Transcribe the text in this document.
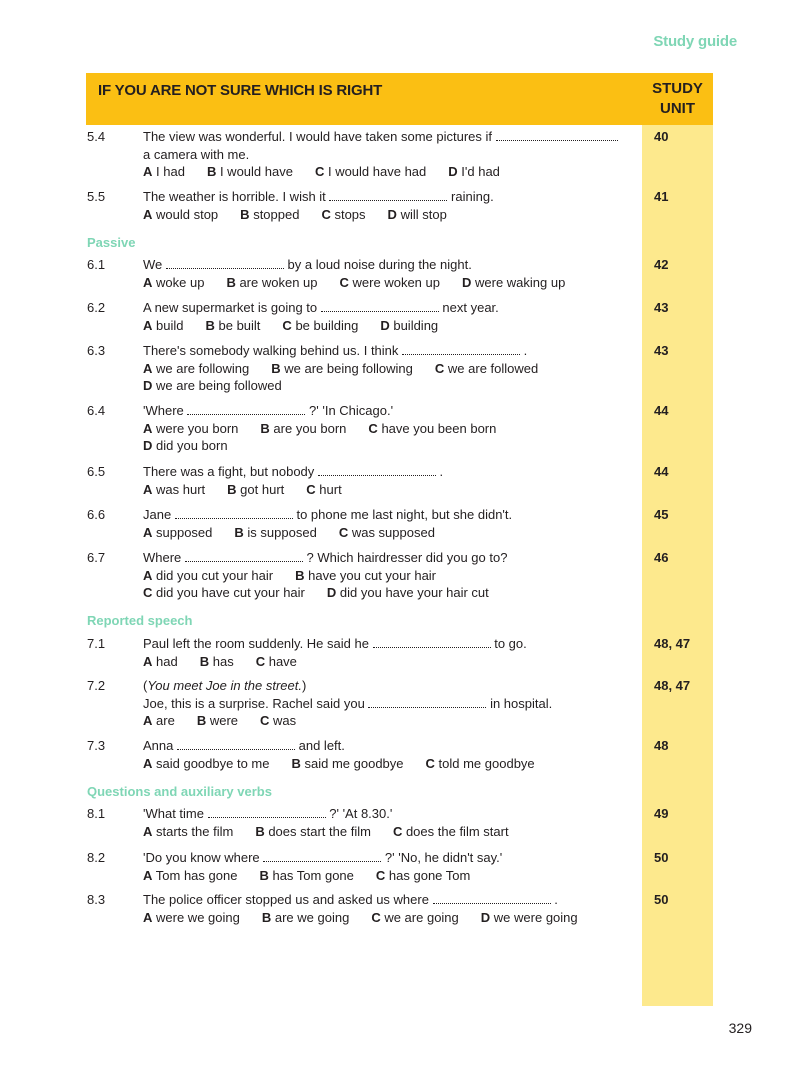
Study guide
IF YOU ARE NOT SURE WHICH IS RIGHT	STUDY
UNIT
5.4	The view was wonderful. I would have taken some pictures if
a camera with me.
A I had B I would have C I would have had D I'd had
40
5.5	The weather is horrible. I wish it	raining.
A would stop B stopped C stops D will stop
41
Passive
6.1	We	by a loud noise during the night.
A woke up B are woken up C were woken up D were waking up
42
6.2	A new supermarket is going to	next year.
A build B be built C be building D building
43
6.3	There's somebody walking behind us. I think	.
A we are following B we are being following C we are followed
D we are being followed
43
6.4	'Where	?' 'In Chicago.'
A were you born B are you born C have you been born
D did you born
44
6.5	There was a fight, but nobody	.
A was hurt B got hurt C hurt
44
6.6	Jane	to phone me last night, but she didn't.
A supposed B is supposed C was supposed
45
6.7	Where	? Which hairdresser did you go to?
A did you cut your hair B have you cut your hair
C did you have cut your hair D did you have your hair cut
46
Reported speech
7.1	Paul left the room suddenly. He said he	to go.
A had B has C have
48, 47
7.2	(You meet Joe in the street.)
Joe, this is a surprise. Rachel said you	in hospital.
A are B were C was
48, 47
7.3	Anna	and left.
A said goodbye to me B said me goodbye C told me goodbye
48
Questions and auxiliary verbs
8.1	'What time	?' 'At 8.30.'
A starts the film B does start the film C does the film start
49
8.2	'Do you know where	?' 'No, he didn't say.'
A Tom has gone B has Tom gone C has gone Tom
50
8.3	The police officer stopped us and asked us where	.
A were we going B are we going C we are going D we were going
50
329
